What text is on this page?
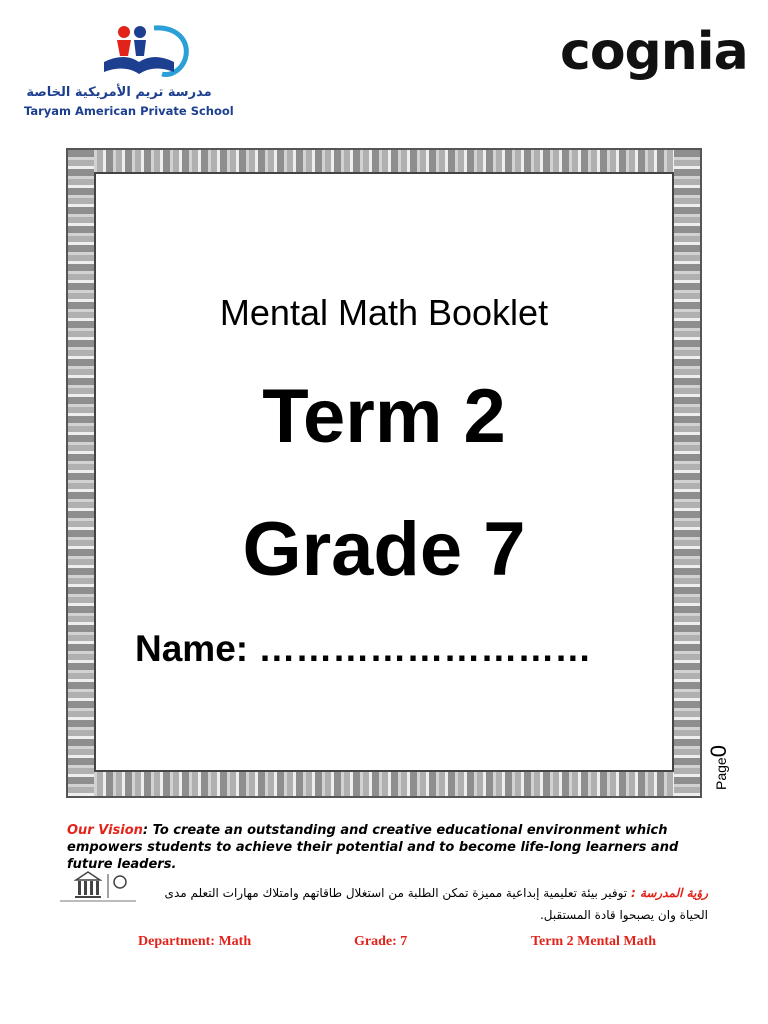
مدرسة تريم الأمريكية الخاصة
Taryam American Private School
cognia
Mental Math Booklet
Term 2
Grade 7
Name: ………………………
Page0
Our Vision: To create an outstanding and creative educational environment which empowers students to achieve their potential and to become life-long learners and future leaders.
رؤية المدرسة : توفير بيئة تعليمية إبداعية مميزة تمكن الطلبة من استغلال طاقاتهم وامتلاك مهارات التعلم مدى الحياة وان يصبحوا قادة المستقبل.
Department: Math	Grade: 7	Term 2 Mental Math
